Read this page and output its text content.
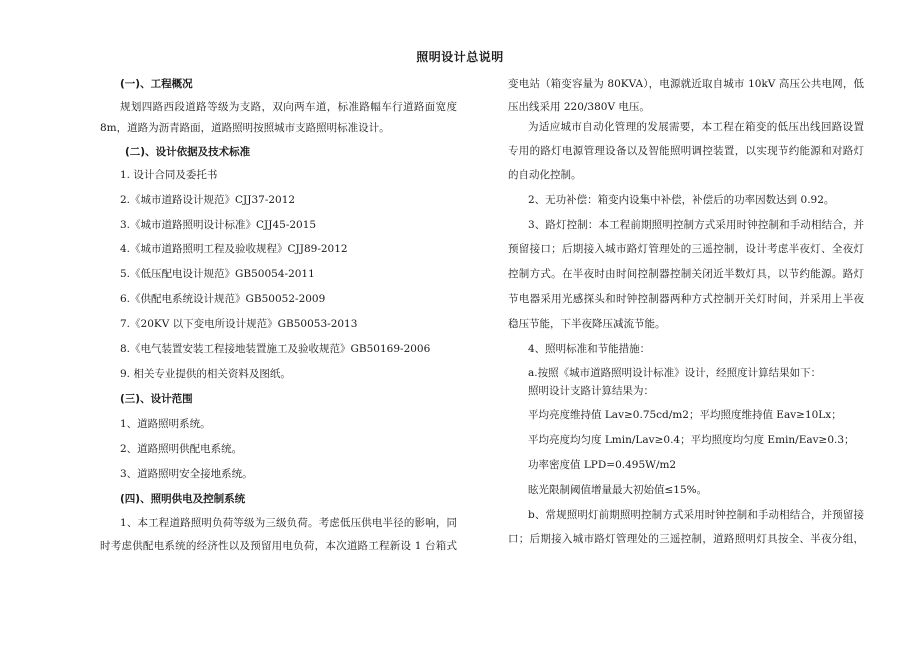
照明设计总说明
(一)、工程概况
规划四路西段道路等级为支路，双向两车道，标准路幅车行道路面宽度
8m，道路为沥青路面，道路照明按照城市支路照明标准设计。
(二)、设计依据及技术标准
1. 设计合同及委托书
2.《城市道路设计规范》CJJ37-2012
3.《城市道路照明设计标准》CJJ45-2015
4.《城市道路照明工程及验收规程》CJJ89-2012
5.《低压配电设计规范》GB50054-2011
6.《供配电系统设计规范》GB50052-2009
7.《20KV 以下变电所设计规范》GB50053-2013
8.《电气装置安装工程接地装置施工及验收规范》GB50169-2006
9. 相关专业提供的相关资料及图纸。
(三)、设计范围
1、道路照明系统。
2、道路照明供配电系统。
3、道路照明安全接地系统。
(四)、照明供电及控制系统
1、本工程道路照明负荷等级为三级负荷。考虑低压供电半径的影响，同
时考虑供配电系统的经济性以及预留用电负荷，本次道路工程新设 1 台箱式
变电站（箱变容量为 80KVA），电源就近取自城市 10kV 高压公共电网，低
压出线采用 220/380V 电压。
为适应城市自动化管理的发展需要，本工程在箱变的低压出线回路设置
专用的路灯电源管理设备以及智能照明调控装置，以实现节约能源和对路灯
的自动化控制。
2、无功补偿：箱变内设集中补偿，补偿后的功率因数达到 0.92。
3、路灯控制：本工程前期照明控制方式采用时钟控制和手动相结合，并
预留接口；后期接入城市路灯管理处的三遥控制，设计考虑半夜灯、全夜灯
控制方式。在半夜时由时间控制器控制关闭近半数灯具，以节约能源。路灯
节电器采用光感探头和时钟控制器两种方式控制开关灯时间，并采用上半夜
稳压节能，下半夜降压减流节能。
4、照明标准和节能措施：
a.按照《城市道路照明设计标准》设计，经照度计算结果如下：
照明设计支路计算结果为：
平均亮度维持值 Lav≥0.75cd/m2；平均照度维持值 Eav≥10Lx；
平均亮度均匀度 Lmin/Lav≥0.4；平均照度均匀度 Emin/Eav≥0.3；
功率密度值 LPD=0.495W/m2
眩光限制阈值增量最大初始值≤15%。
b、常规照明灯前期照明控制方式采用时钟控制和手动相结合，并预留接
口；后期接入城市路灯管理处的三遥控制，道路照明灯具按全、半夜分组，
